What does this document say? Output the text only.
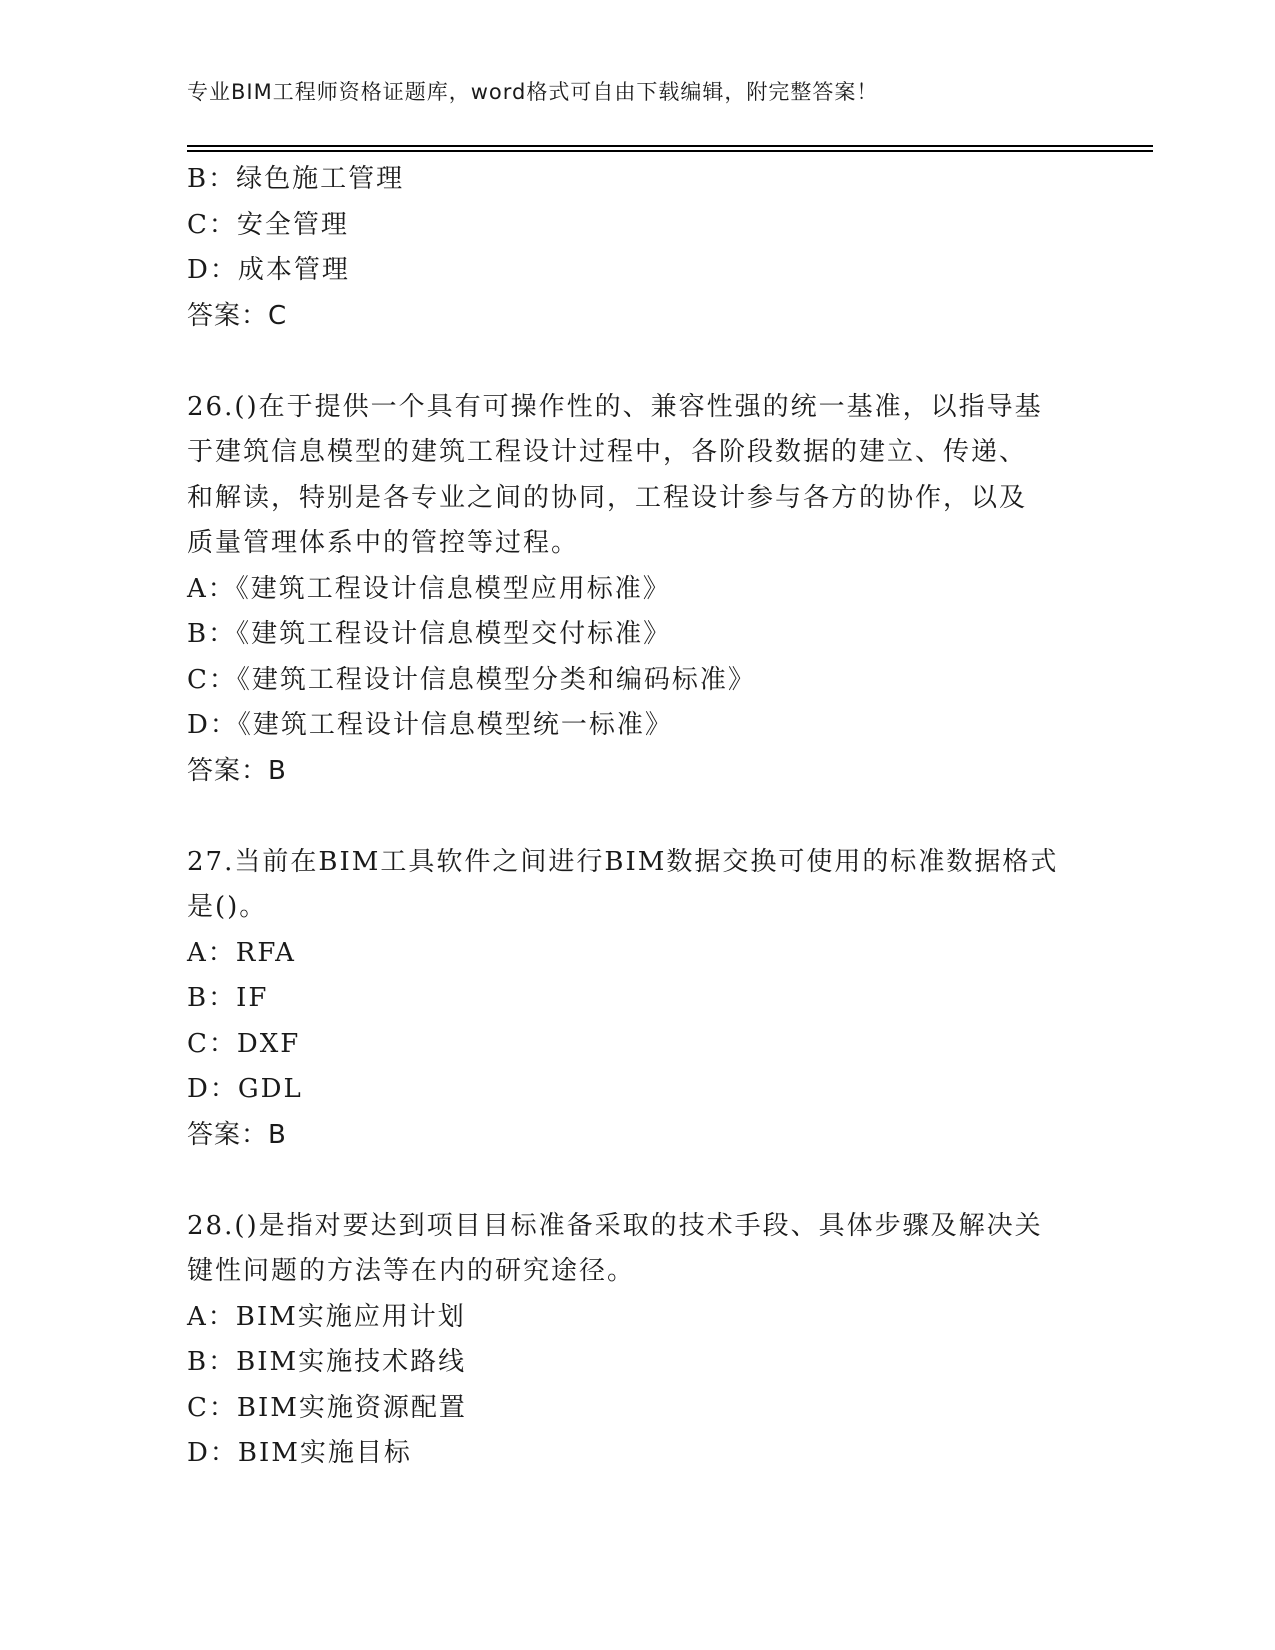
专业BIM工程师资格证题库，word格式可自由下载编辑，附完整答案！
B：绿色施工管理
C：安全管理
D：成本管理
答案：C
26.()在于提供一个具有可操作性的、兼容性强的统一基准，以指导基
于建筑信息模型的建筑工程设计过程中，各阶段数据的建立、传递、
和解读，特别是各专业之间的协同，工程设计参与各方的协作，以及
质量管理体系中的管控等过程。
A：《建筑工程设计信息模型应用标准》
B：《建筑工程设计信息模型交付标准》
C：《建筑工程设计信息模型分类和编码标准》
D：《建筑工程设计信息模型统一标准》
答案：B
27.当前在BIM工具软件之间进行BIM数据交换可使用的标准数据格式
是()。
A：RFA
B：IF
C：DXF
D：GDL
答案：B
28.()是指对要达到项目目标准备采取的技术手段、具体步骤及解决关
键性问题的方法等在内的研究途径。
A：BIM实施应用计划
B：BIM实施技术路线
C：BIM实施资源配置
D：BIM实施目标
